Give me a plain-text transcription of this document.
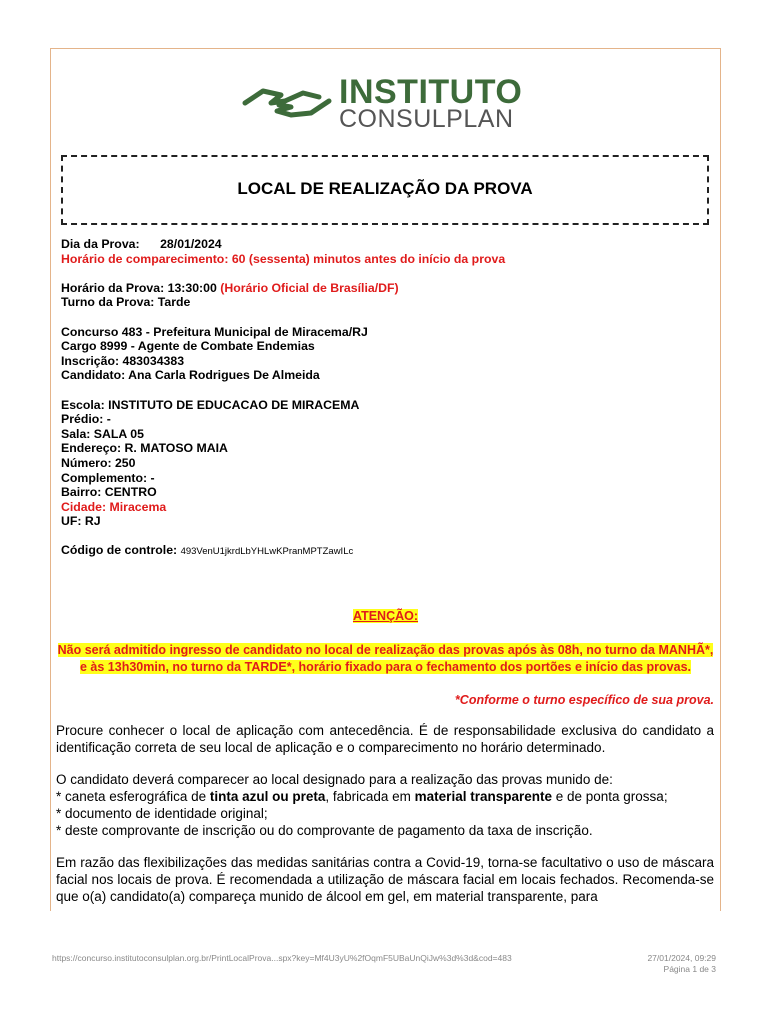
INSTITUTO
CONSULPLAN
LOCAL DE REALIZAÇÃO DA PROVA
Dia da Prova: 28/01/2024
Horário de comparecimento: 60 (sessenta) minutos antes do início da prova
Horário da Prova: 13:30:00 (Horário Oficial de Brasília/DF)
Turno da Prova: Tarde
Concurso 483 - Prefeitura Municipal de Miracema/RJ
Cargo 8999 - Agente de Combate Endemias
Inscrição: 483034383
Candidato: Ana Carla Rodrigues De Almeida
Escola: INSTITUTO DE EDUCACAO DE MIRACEMA
Prédio: -
Sala: SALA 05
Endereço: R. MATOSO MAIA
Número: 250
Complemento: -
Bairro: CENTRO
Cidade: Miracema
UF: RJ
Código de controle: 493VenU1jkrdLbYHLwKPranMPTZawILc
ATENÇÃO:
Não será admitido ingresso de candidato no local de realização das provas após às 08h, no turno da MANHÃ*, e às 13h30min, no turno da TARDE*, horário fixado para o fechamento dos portões e início das provas.
*Conforme o turno específico de sua prova.
Procure conhecer o local de aplicação com antecedência. É de responsabilidade exclusiva do candidato a identificação correta de seu local de aplicação e o comparecimento no horário determinado.
O candidato deverá comparecer ao local designado para a realização das provas munido de:
* caneta esferográfica de tinta azul ou preta, fabricada em material transparente e de ponta grossa;
* documento de identidade original;
* deste comprovante de inscrição ou do comprovante de pagamento da taxa de inscrição.
Em razão das flexibilizações das medidas sanitárias contra a Covid-19, torna-se facultativo o uso de máscara facial nos locais de prova. É recomendada a utilização de máscara facial em locais fechados. Recomenda-se que o(a) candidato(a) compareça munido de álcool em gel, em material transparente, para
https://concurso.institutoconsulplan.org.br/PrintLocalProva...spx?key=Mf4U3yU%2fOqmF5UBaUnQiJw%3d%3d&cod=483	27/01/2024, 09:29
Página 1 de 3
